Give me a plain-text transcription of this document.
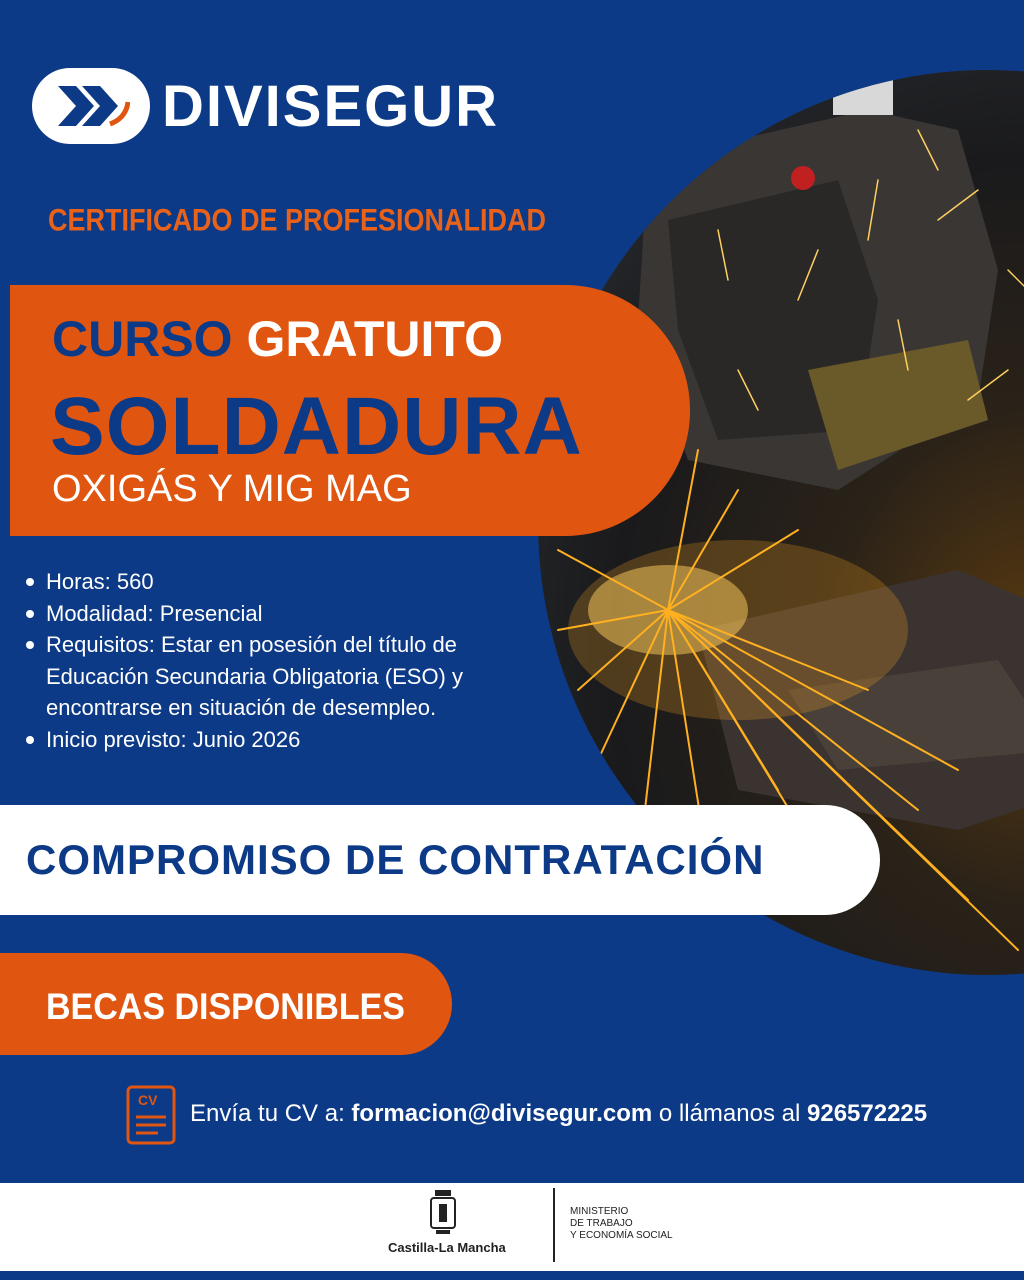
DIVISEGUR
CERTIFICADO DE PROFESIONALIDAD
CURSO GRATUITO
SOLDADURA
OXIGÁS Y MIG MAG
Horas: 560
Modalidad: Presencial
Requisitos: Estar en posesión del título de Educación Secundaria Obligatoria (ESO) y encontrarse en situación de desempleo.
Inicio previsto: Junio 2026
COMPROMISO DE CONTRATACIÓN
BECAS DISPONIBLES
CV Envía tu CV a: formacion@divisegur.com o llámanos al 926572225
Castilla-La Mancha
MINISTERIO
DE TRABAJO
Y ECONOMÍA SOCIAL
